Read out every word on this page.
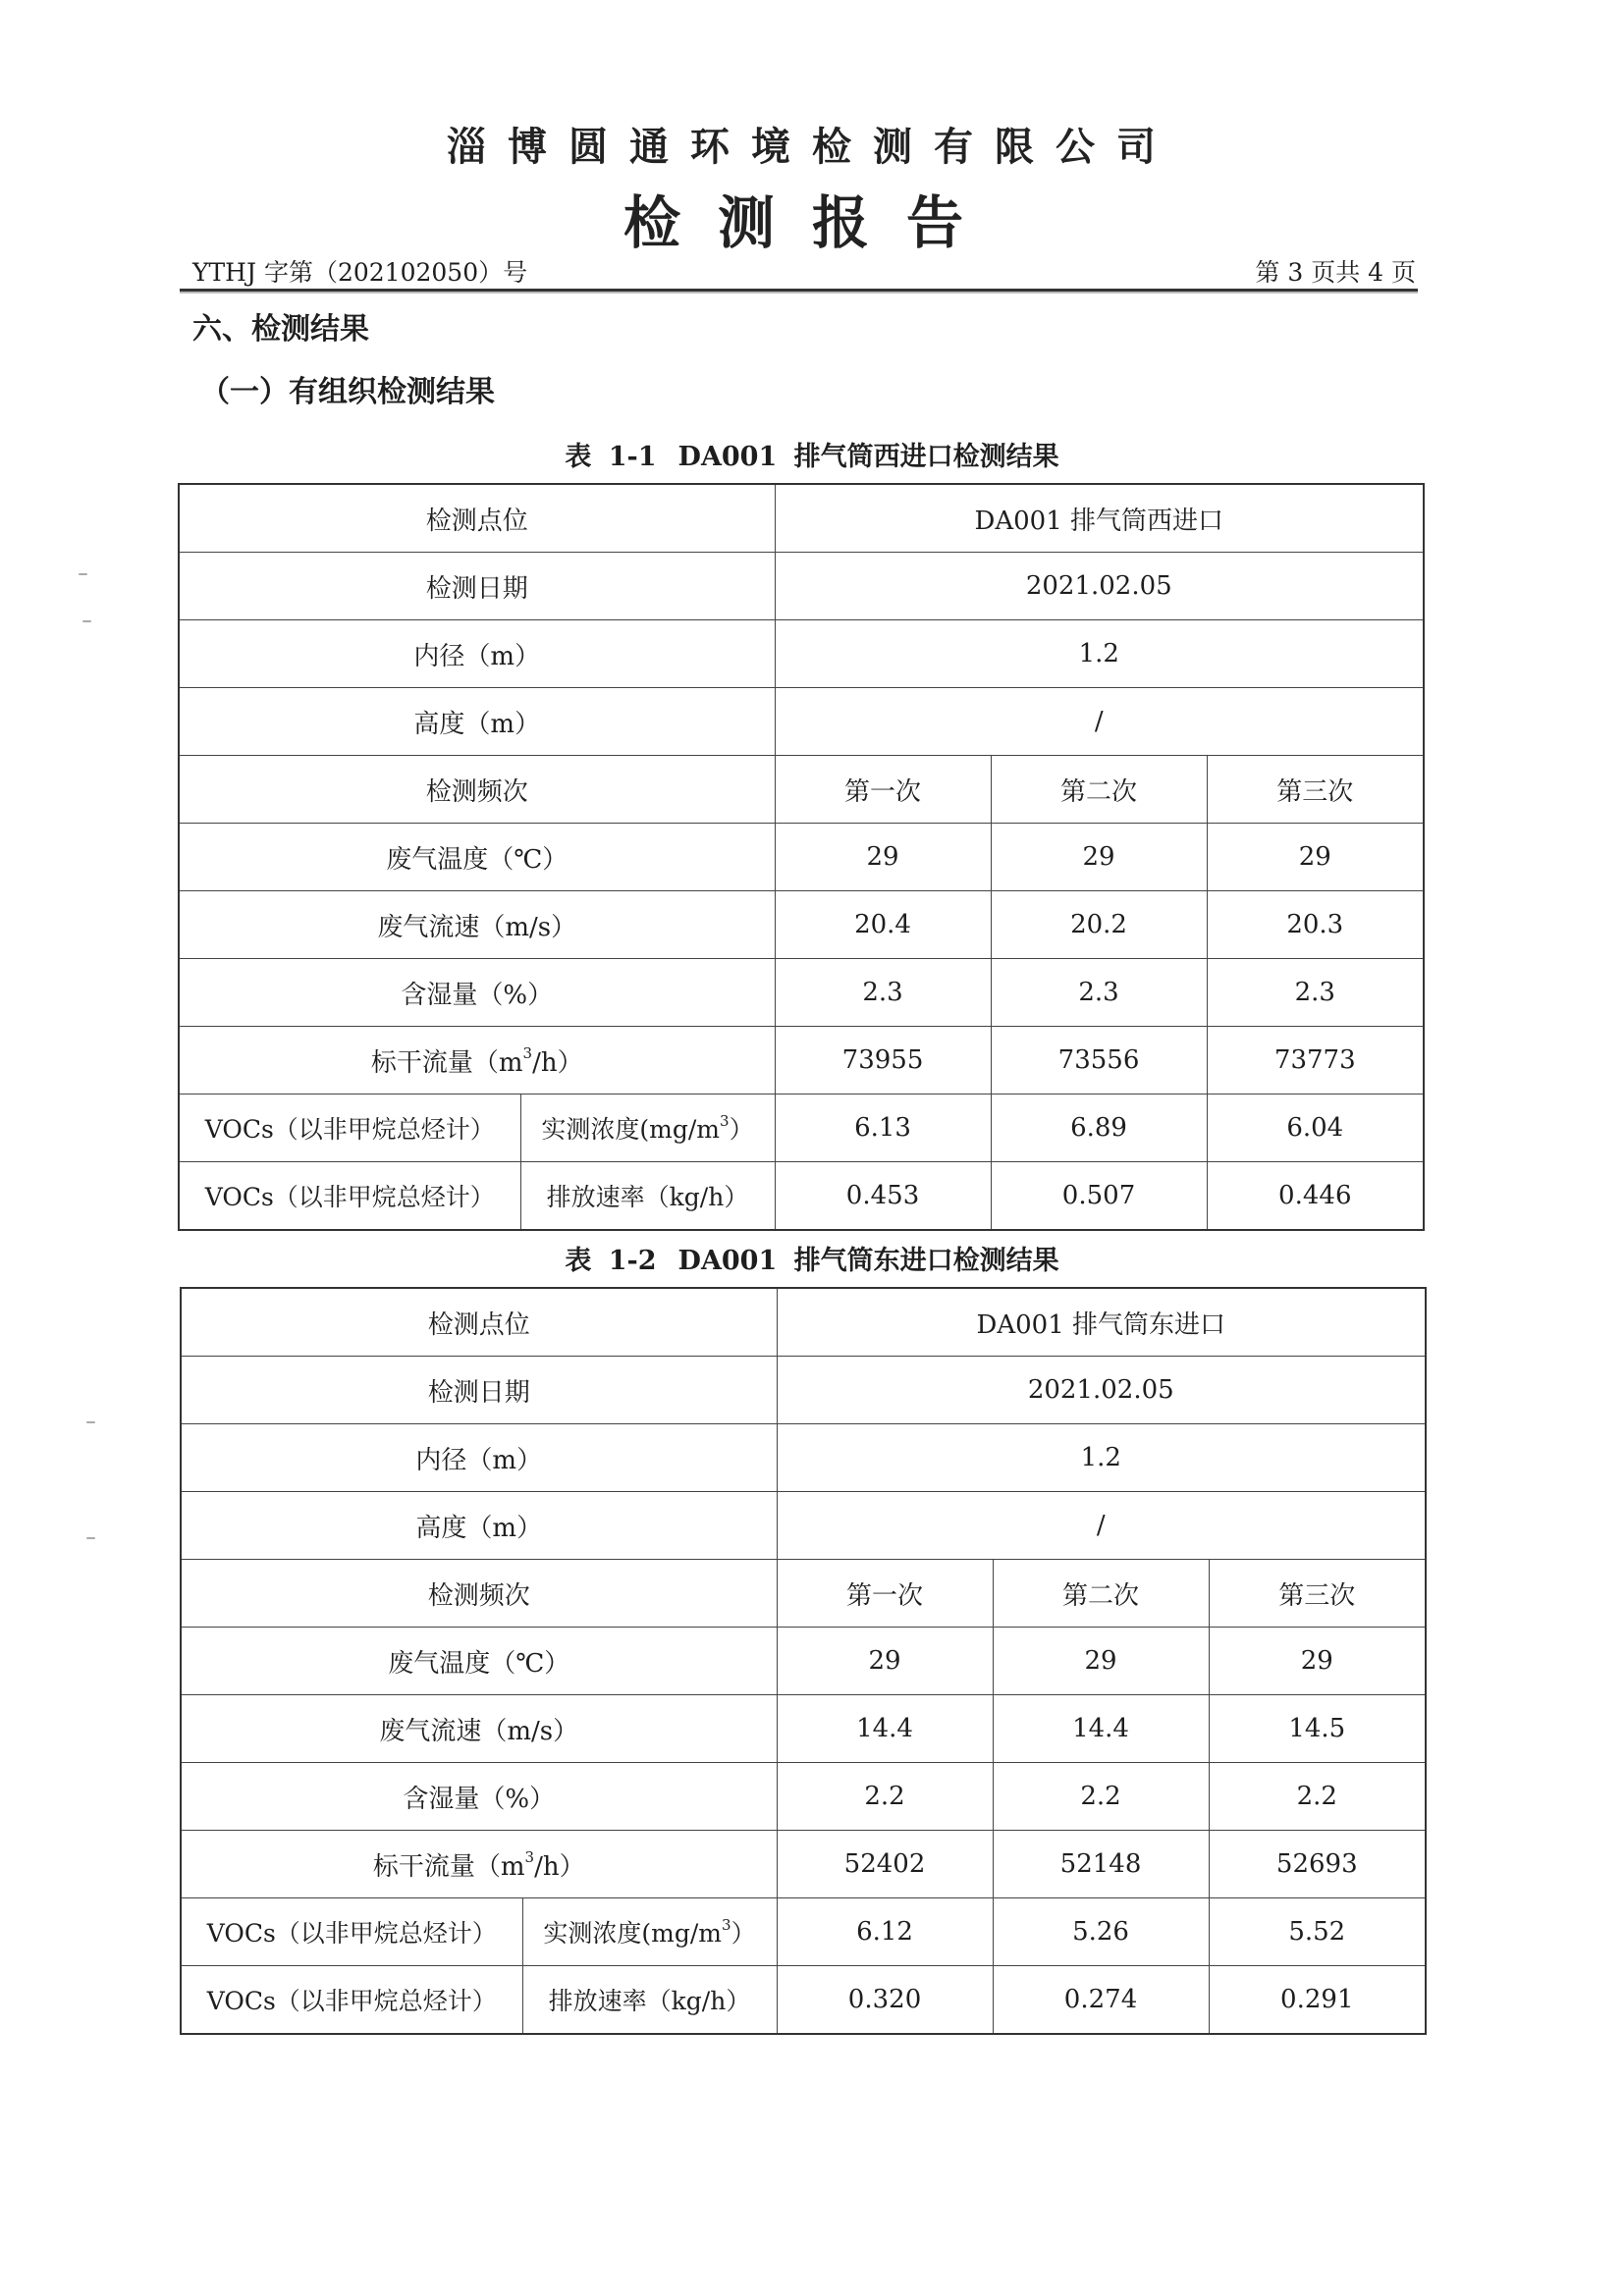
淄博圆通环境检测有限公司
检测报告
YTHJ 字第（202102050）号	第 3 页共 4 页
六、检测结果
（一）有组织检测结果
表 1-1 DA001 排气筒西进口检测结果
检测点位		DA001 排气筒西进口		
检测日期		2021.02.05		
内径（m）		1.2		
高度（m）		/		
检测频次		第一次	第二次	第三次
废气温度（℃）		29	29	29
废气流速（m/s）		20.4	20.2	20.3
含湿量（%）		2.3	2.3	2.3
标干流量$(m^3/h)$		73955	73556	73773
VOCs（以非甲烷总烃计）	实测浓度$(mg/m^3)$	6.13	6.89	6.04
VOCs（以非甲烷总烃计）	排放速率（kg/h）	0.453	0.507	0.446
表 1-2 DA001 排气筒东进口检测结果
检测点位		DA001 排气筒东进口		
检测日期		2021.02.05		
内径（m）		1.2		
高度（m）		/		
检测频次		第一次	第二次	第三次
废气温度（℃）		29	29	29
废气流速（m/s）		14.4	14.4	14.5
含湿量（%）		2.2	2.2	2.2
标干流量$(m^3/h)$		52402	52148	52693
VOCs（以非甲烷总烃计）	实测浓度$(mg/m^3)$	6.12	5.26	5.52
VOCs（以非甲烷总烃计）	排放速率（kg/h）	0.320	0.274	0.291
